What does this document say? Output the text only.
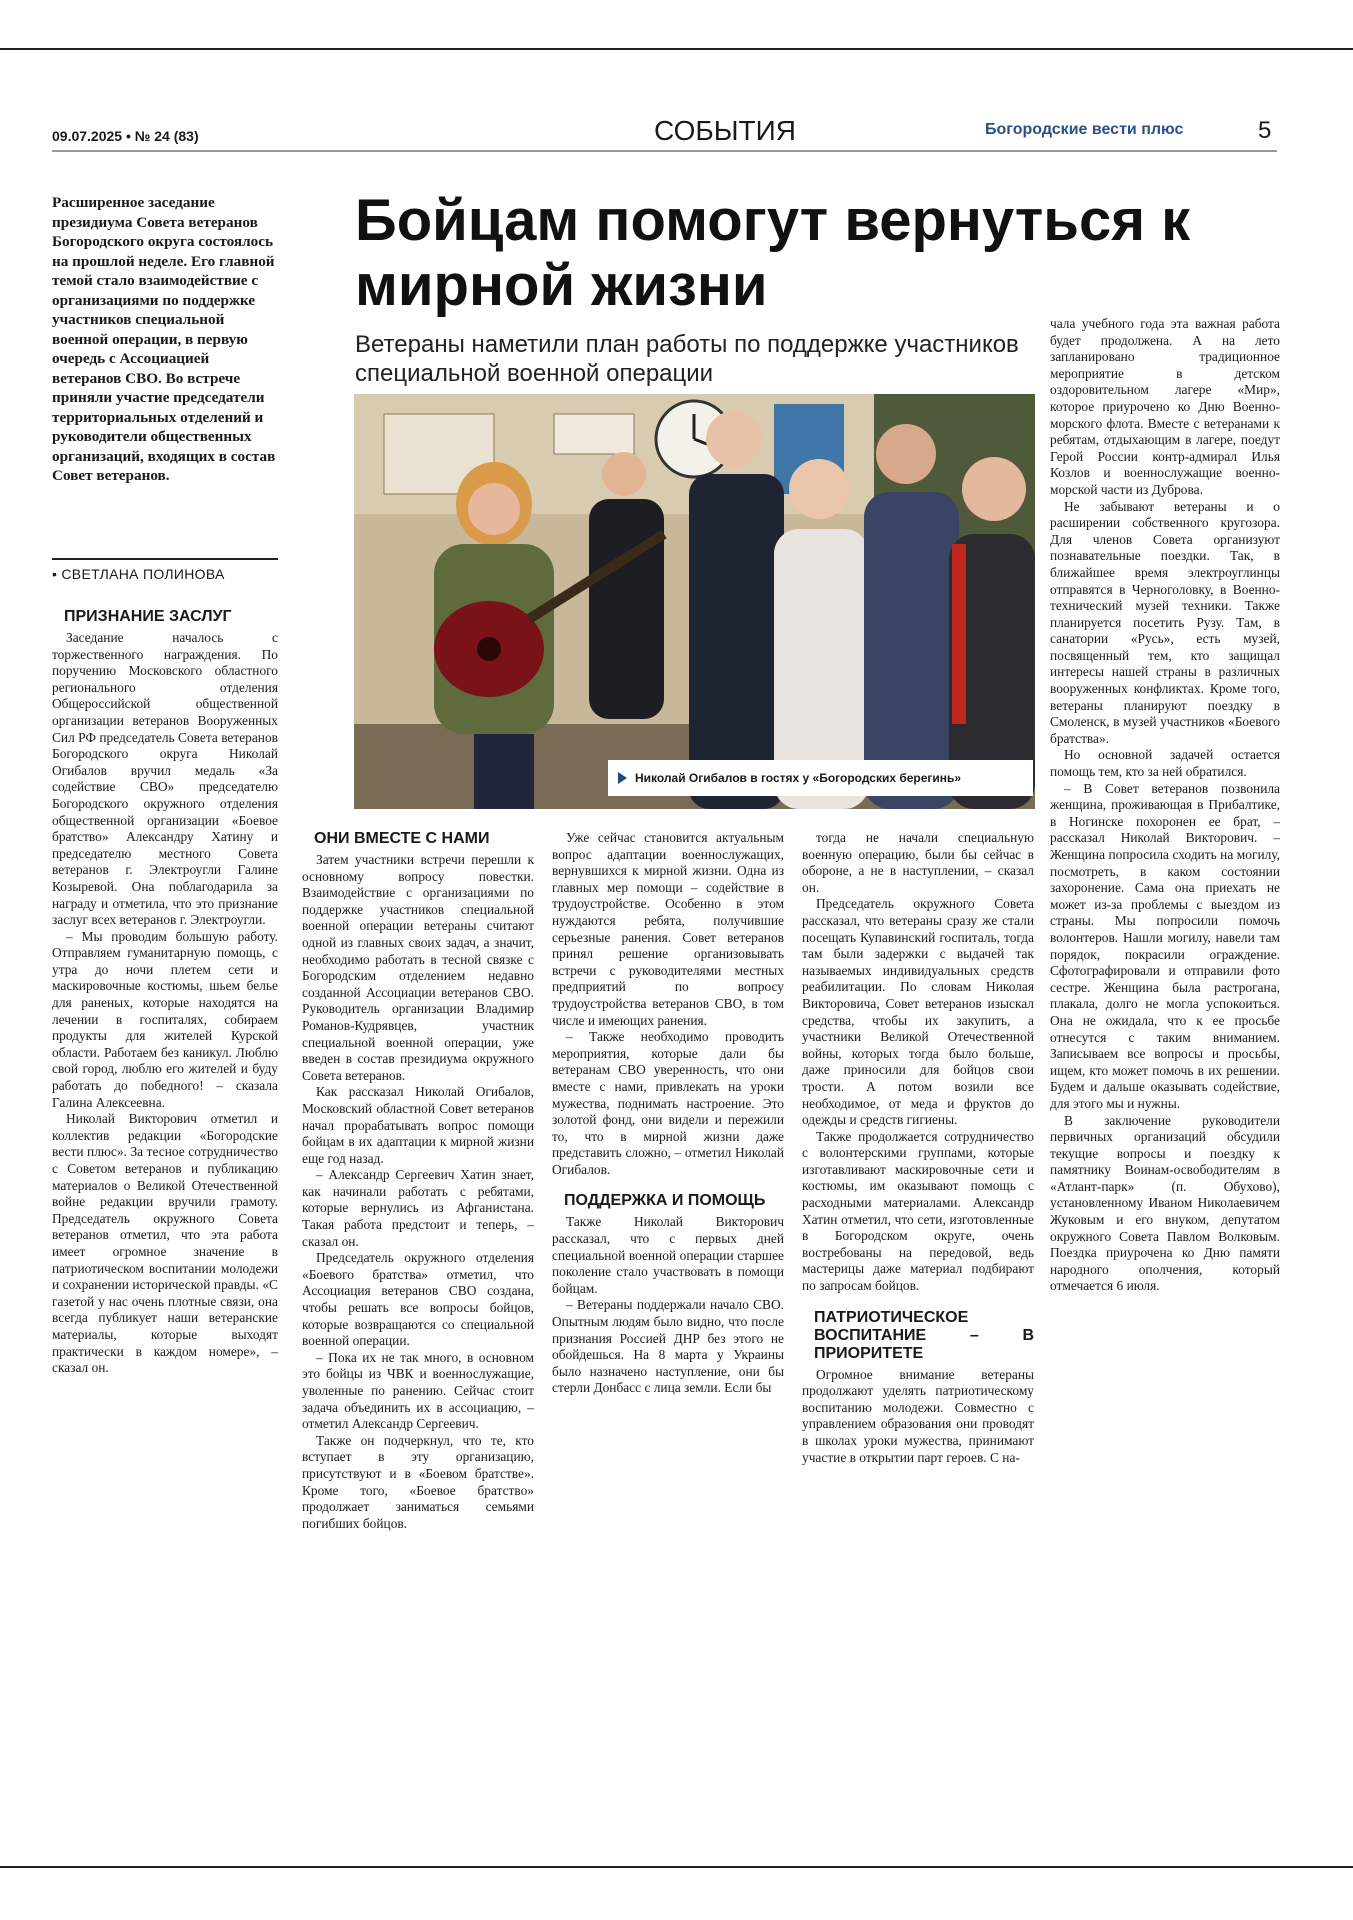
09.07.2025 • № 24 (83)	СОБЫТИЯ	Богородские вести плюс	5
Расширенное заседание президиума Совета ветеранов Богородского округа состоялось на прошлой неделе. Его главной темой стало взаимодействие с организациями по поддержке участников специальной военной операции, в первую очередь с Ассоциацией ветеранов СВО. Во встрече приняли участие председатели территориальных отделений и руководители общественных организаций, входящих в состав Совет ветеранов.
• СВЕТЛАНА ПОЛИНОВА
Бойцам помогут вернуться к мирной жизни
Ветераны наметили план работы по поддержке участников специальной военной операции
Николай Огибалов в гостях у «Богородских берегинь»
ПРИЗНАНИЕ ЗАСЛУГ

Заседание началось с торжественного награждения. По поручению Московского областного регионального отделения Общероссийской общественной организации ветеранов Вооруженных Сил РФ председатель Совета ветеранов Богородского округа Николай Огибалов вручил медаль «За содействие СВО» председателю Богородского окружного отделения общественной организации «Боевое братство» Александру Хатину и председателю местного Совета ветеранов г. Электроугли Галине Козыревой. Она поблагодарила за награду и отметила, что это признание заслуг всех ветеранов г. Электроугли.

– Мы проводим большую работу. Отправляем гуманитарную помощь, с утра до ночи плетем сети и маскировочные костюмы, шьем белье для раненых, которые находятся на лечении в госпиталях, собираем продукты для жителей Курской области. Работаем без каникул. Люблю свой город, люблю его жителей и буду работать до победного! – сказала Галина Алексеевна.

Николай Викторович отметил и коллектив редакции «Богородские вести плюс». За тесное сотрудничество с Советом ветеранов и публикацию материалов о Великой Отечественной войне редакции вручили грамоту. Председатель окружного Совета ветеранов отметил, что эта работа имеет огромное значение в патриотическом воспитании молодежи и сохранении исторической правды. «С газетой у нас очень плотные связи, она всегда публикует наши ветеранские материалы, которые выходят практически в каждом номере», – сказал он.

ОНИ ВМЕСТЕ С НАМИ

Затем участники встречи перешли к основному вопросу повестки. Взаимодействие с организациями по поддержке участников специальной военной операции ветераны считают одной из главных своих задач, а значит, необходимо работать в тесной связке с Богородским отделением недавно созданной Ассоциации ветеранов СВО. Руководитель организации Владимир Романов-Кудрявцев, участник специальной военной операции, уже введен в состав президиума окружного Совета ветеранов.

Как рассказал Николай Огибалов, Московский областной Совет ветеранов начал прорабатывать вопрос помощи бойцам в их адаптации к мирной жизни еще год назад.

– Александр Сергеевич Хатин знает, как начинали работать с ребятами, которые вернулись из Афганистана. Такая работа предстоит и теперь, – сказал он.

Председатель окружного отделения «Боевого братства» отметил, что Ассоциация ветеранов СВО создана, чтобы решать все вопросы бойцов, которые возвращаются со специальной военной операции.

– Пока их не так много, в основном это бойцы из ЧВК и военнослужащие, уволенные по ранению. Сейчас стоит задача объединить их в ассоциацию, – отметил Александр Сергеевич.

Также он подчеркнул, что те, кто вступает в эту организацию, присутствуют и в «Боевом братстве». Кроме того, «Боевое братство» продолжает заниматься семьями погибших бойцов.

Уже сейчас становится актуальным вопрос адаптации военнослужащих, вернувшихся к мирной жизни. Одна из главных мер помощи – содействие в трудоустройстве. Особенно в этом нуждаются ребята, получившие серьезные ранения. Совет ветеранов принял решение организовывать встречи с руководителями местных предприятий по вопросу трудоустройства ветеранов СВО, в том числе и имеющих ранения.

– Также необходимо проводить мероприятия, которые дали бы ветеранам СВО уверенность, что они вместе с нами, привлекать на уроки мужества, поднимать настроение. Это золотой фонд, они видели и пережили то, что в мирной жизни даже представить сложно, – отметил Николай Огибалов.

ПОДДЕРЖКА И ПОМОЩЬ

Также Николай Викторович рассказал, что с первых дней специальной военной операции старшее поколение стало участвовать в помощи бойцам.

– Ветераны поддержали начало СВО. Опытным людям было видно, что после признания Россией ДНР без этого не обойдешься. На 8 марта у Украины было назначено наступление, они бы стерли Донбасс с лица земли. Если бы

тогда не начали специальную военную операцию, были бы сейчас в обороне, а не в наступлении, – сказал он.

Председатель окружного Совета рассказал, что ветераны сразу же стали посещать Купавинский госпиталь, тогда там были задержки с выдачей так называемых индивидуальных средств реабилитации. По словам Николая Викторовича, Совет ветеранов изыскал средства, чтобы их закупить, а участники Великой Отечественной войны, которых тогда было больше, даже приносили для бойцов свои трости. А потом возили все необходимое, от меда и фруктов до одежды и средств гигиены.

Также продолжается сотрудничество с волонтерскими группами, которые изготавливают маскировочные сети и костюмы, им оказывают помощь с расходными материалами. Александр Хатин отметил, что сети, изготовленные в Богородском округе, очень востребованы на передовой, ведь мастерицы даже материал подбирают по запросам бойцов.

ПАТРИОТИЧЕСКОЕ ВОСПИТАНИЕ – В ПРИОРИТЕТЕ

Огромное внимание ветераны продолжают уделять патриотическому воспитанию молодежи. Совместно с управлением образования они проводят в школах уроки мужества, принимают участие в открытии парт героев. С на-

чала учебного года эта важная работа будет продолжена. А на лето запланировано традиционное мероприятие в детском оздоровительном лагере «Мир», которое приурочено ко Дню Военно-морского флота. Вместе с ветеранами к ребятам, отдыхающим в лагере, поедут Герой России контр-адмирал Илья Козлов и военнослужащие военно-морской части из Дуброва.

Не забывают ветераны и о расширении собственного кругозора. Для членов Совета организуют познавательные поездки. Так, в ближайшее время электроуглинцы отправятся в Черноголовку, в Военно-технический музей техники. Также планируется посетить Рузу. Там, в санатории «Русь», есть музей, посвященный тем, кто защищал интересы нашей страны в различных вооруженных конфликтах. Кроме того, ветераны планируют поездку в Смоленск, в музей участников «Боевого братства».

Но основной задачей остается помощь тем, кто за ней обратился.

– В Совет ветеранов позвонила женщина, проживающая в Прибалтике, в Ногинске похоронен ее брат, – рассказал Николай Викторович. – Женщина попросила сходить на могилу, посмотреть, в каком состоянии захоронение. Сама она приехать не может из-за проблемы с выездом из страны. Мы попросили помочь волонтеров. Нашли могилу, навели там порядок, покрасили ограждение. Сфотографировали и отправили фото сестре. Женщина была растрогана, плакала, долго не могла успокоиться. Она не ожидала, что к ее просьбе отнесутся с таким вниманием. Записываем все вопросы и просьбы, ищем, кто может помочь в их решении. Будем и дальше оказывать содействие, для этого мы и нужны.

В заключение руководители первичных организаций обсудили текущие вопросы и поездку к памятнику Воинам-освободителям в «Атлант-парк» (п. Обухово), установленному Иваном Николаевичем Жуковым и его внуком, депутатом окружного Совета Павлом Волковым. Поездка приурочена ко Дню памяти народного ополчения, который отмечается 6 июля.
